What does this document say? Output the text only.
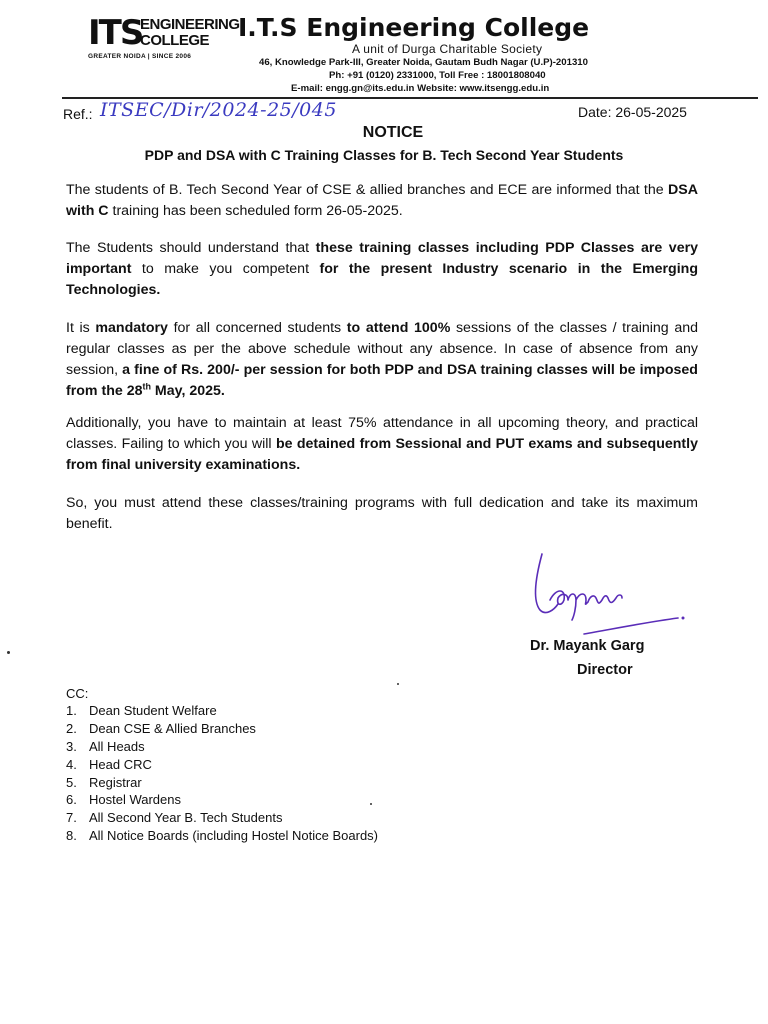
ITS
ENGINEERING
COLLEGE
GREATER NOIDA | SINCE 2006
I.T.S Engineering College
A unit of Durga Charitable Society
46, Knowledge Park-III, Greater Noida, Gautam Budh Nagar (U.P)-201310
Ph: +91 (0120) 2331000, Toll Free : 18001808040
E-mail: engg.gn@its.edu.in Website: www.itsengg.edu.in
Ref.: ITSEC/Dir/2024-25/045	Date: 26-05-2025
NOTICE
PDP and DSA with C Training Classes for B. Tech Second Year Students
The students of B. Tech Second Year of CSE & allied branches and ECE are informed that the DSA with C training has been scheduled form 26-05-2025.
The Students should understand that these training classes including PDP Classes are very important to make you competent for the present Industry scenario in the Emerging Technologies.
It is mandatory for all concerned students to attend 100% sessions of the classes / training and regular classes as per the above schedule without any absence. In case of absence from any session, a fine of Rs. 200/- per session for both PDP and DSA training classes will be imposed from the 28th May, 2025.
Additionally, you have to maintain at least 75% attendance in all upcoming theory, and practical classes. Failing to which you will be detained from Sessional and PUT exams and subsequently from final university examinations.
So, you must attend these classes/training programs with full dedication and take its maximum benefit.
Dr. Mayank Garg
Director
CC:
1. Dean Student Welfare
2. Dean CSE & Allied Branches
3. All Heads
4. Head CRC
5. Registrar
6. Hostel Wardens
7. All Second Year B. Tech Students
8. All Notice Boards (including Hostel Notice Boards)
